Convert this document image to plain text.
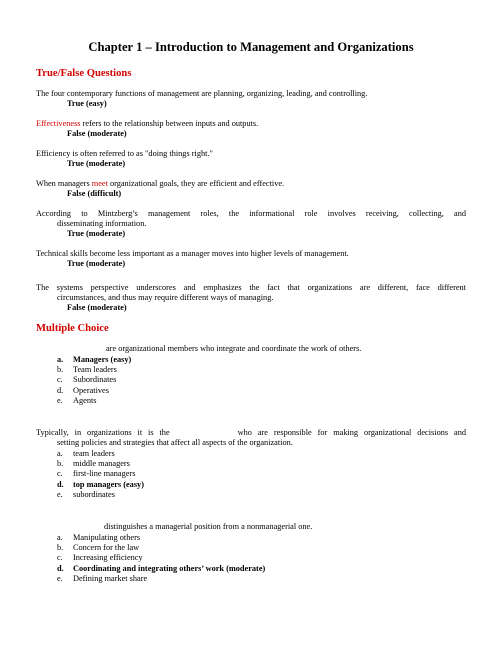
Chapter 1 – Introduction to Management and Organizations
True/False Questions
The four contemporary functions of management are planning, organizing, leading, and controlling.
True (easy)
Effectiveness refers to the relationship between inputs and outputs.
False (moderate)
Efficiency is often referred to as "doing things right."
True (moderate)
When managers meet organizational goals, they are efficient and effective.
False (difficult)
According to Mintzberg’s management roles, the informational role involves receiving, collecting, and
disseminating information.
True (moderate)
Technical skills become less important as a manager moves into higher levels of management.
True (moderate)
The systems perspective underscores and emphasizes the fact that organizations are different, face different
circumstances, and thus may require different ways of managing.
False (moderate)
Multiple Choice
are organizational members who integrate and coordinate the work of others.
a.	Managers (easy)
b.	Team leaders
c.	Subordinates
d.	Operatives
e.	Agents
Typically, in organizations it is the	who are responsible for making organizational decisions and
setting policies and strategies that affect all aspects of the organization.
a.	team leaders
b.	middle managers
c.	first-line managers
d.	top managers (easy)
e.	subordinates
distinguishes a managerial position from a nonmanagerial one.
a.	Manipulating others
b.	Concern for the law
c.	Increasing efficiency
d.	Coordinating and integrating others’ work (moderate)
e.	Defining market share
